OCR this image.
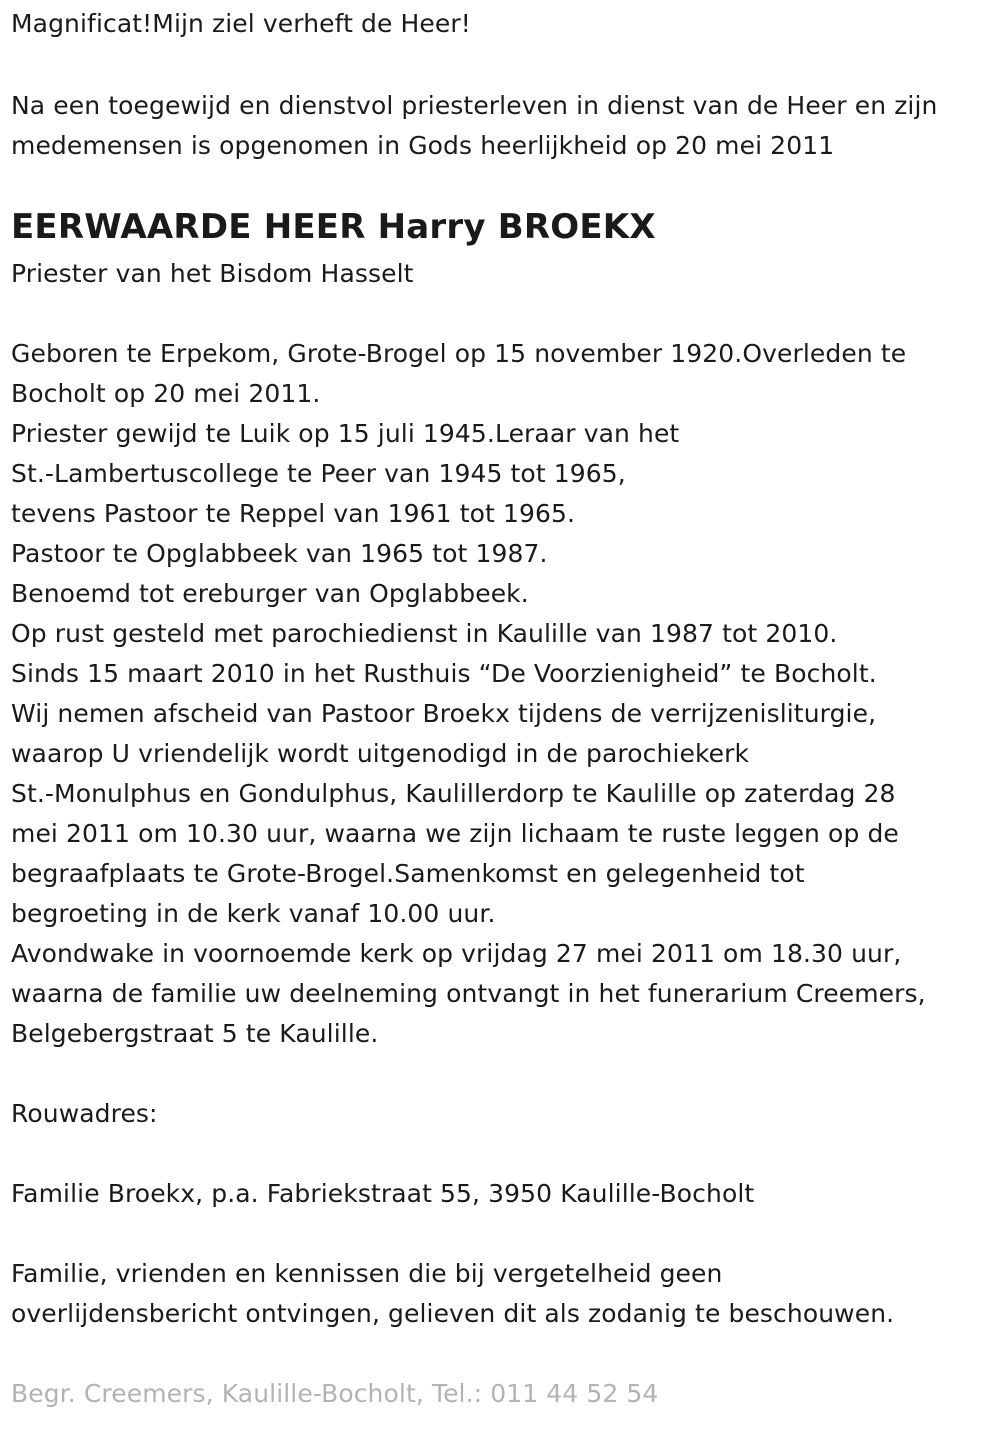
Magnificat!Mijn ziel verheft de Heer!
Na een toegewijd en dienstvol priesterleven in dienst van de Heer en zijn
medemensen is opgenomen in Gods heerlijkheid op 20 mei 2011
EERWAARDE HEER Harry BROEKX
Priester van het Bisdom Hasselt
Geboren te Erpekom, Grote-Brogel op 15 november 1920.Overleden te
Bocholt op 20 mei 2011.
Priester gewijd te Luik op 15 juli 1945.Leraar van het
St.-Lambertuscollege te Peer van 1945 tot 1965,
tevens Pastoor te Reppel van 1961 tot 1965.
Pastoor te Opglabbeek van 1965 tot 1987.
Benoemd tot ereburger van Opglabbeek.
Op rust gesteld met parochiedienst in Kaulille van 1987 tot 2010.
Sinds 15 maart 2010 in het Rusthuis “De Voorzienigheid” te Bocholt.
Wij nemen afscheid van Pastoor Broekx tijdens de verrijzenisliturgie,
waarop U vriendelijk wordt uitgenodigd in de parochiekerk
St.-Monulphus en Gondulphus, Kaulillerdorp te Kaulille op zaterdag 28
mei 2011 om 10.30 uur, waarna we zijn lichaam te ruste leggen op de
begraafplaats te Grote-Brogel.Samenkomst en gelegenheid tot
begroeting in de kerk vanaf 10.00 uur.
Avondwake in voornoemde kerk op vrijdag 27 mei 2011 om 18.30 uur,
waarna de familie uw deelneming ontvangt in het funerarium Creemers,
Belgebergstraat 5 te Kaulille.
Rouwadres:
Familie Broekx, p.a. Fabriekstraat 55, 3950 Kaulille-Bocholt
Familie, vrienden en kennissen die bij vergetelheid geen
overlijdensbericht ontvingen, gelieven dit als zodanig te beschouwen.
Begr. Creemers, Kaulille-Bocholt, Tel.: 011 44 52 54
